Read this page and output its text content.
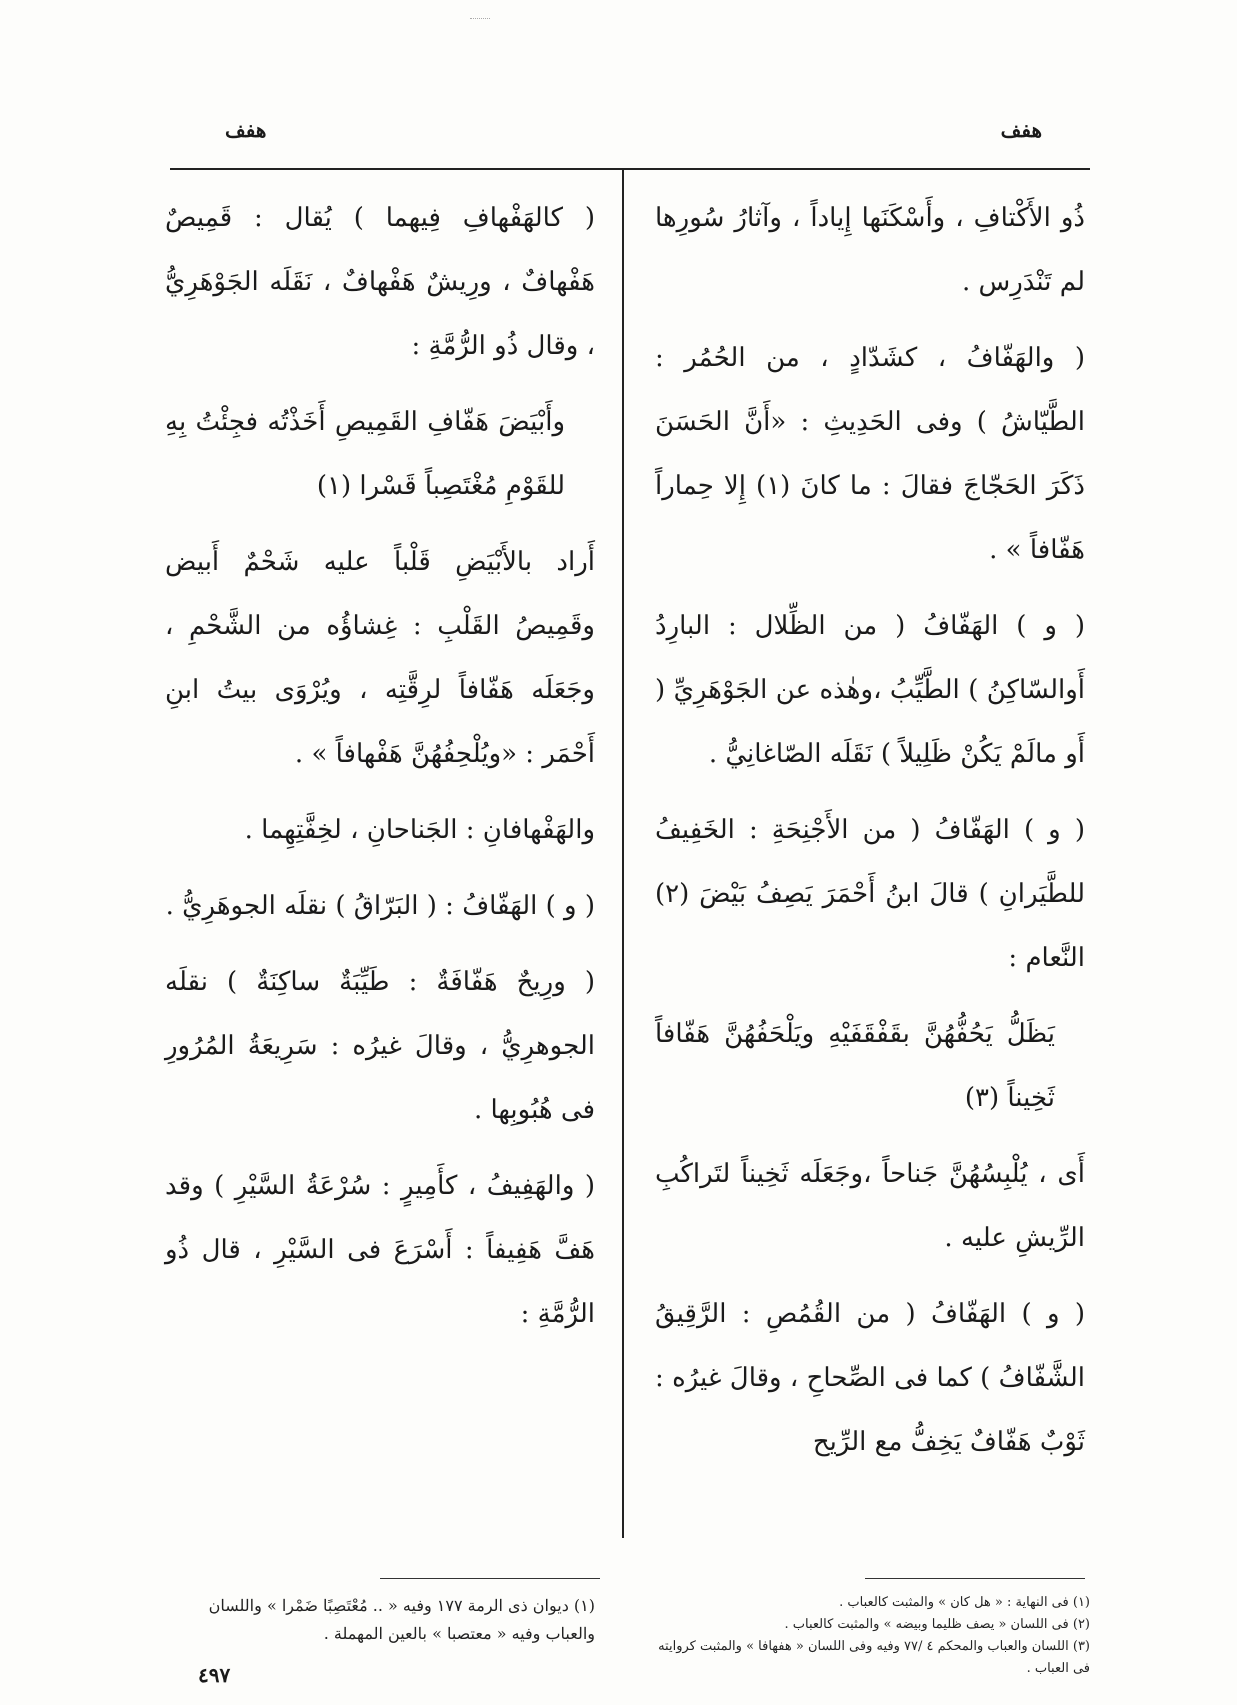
هفف
هفف

ذُو الأَكْتافِ ، وأَسْكَنَها إِياداً ، وآثارُ سُورِها لم تَنْدَرِس .

( والهَفّافُ ، كشَدّادٍ ، من الحُمُر : الطَّيّاشُ ) وفى الحَدِيثِ : «أَنَّ الحَسَنَ ذَكَرَ الحَجّاجَ فقالَ : ما كانَ (١) إِلا حِماراً هَفّافاً » .

( و ) الهَفّافُ ( من الظِّلال : البارِدُ أَوالسّاكِنُ ) الطَّيِّبُ ،وهٰذه عن الجَوْهَرِيِّ ( أَو مالَمْ يَكُنْ ظَلِيلاً ) نَقَلَه الصّاغانِيُّ .

( و ) الهَفّافُ ( من الأَجْنِحَةِ : الخَفِيفُ للطَّيَرانِ ) قالَ ابنُ أَحْمَرَ يَصِفُ بَيْضَ (٢) النَّعام :

يَظَلُّ يَحُفُّهُنَّ بقَفْقَفَيْهِ ويَلْحَفُهُنَّ هَفّافاً ثَخِيناً (٣)

أَى ، يُلْبِسُهُنَّ جَناحاً ،وجَعَلَه ثَخِيناً لتَراكُبِ الرِّيشِ عليه .

( و ) الهَفّافُ ( من القُمُصِ : الرَّقِيقُ الشَّفّافُ ) كما فى الصِّحاحِ ، وقالَ غيرُه : ثَوْبٌ هَفّافٌ يَخِفُّ مع الرِّيح

( كالهَفْهافِ فِيهما ) يُقال : قَمِيصٌ هَفْهافٌ ، ورِيشٌ هَفْهافٌ ، نَقَلَه الجَوْهَرِيُّ ، وقال ذُو الرُّمَّةِ :

وأَبْيَضَ هَفّافِ القَمِيصِ أَخَذْتُه فجِئْتُ بِهِ للقَوْمِ مُغْتَصِباً قَسْرا (١)

أَراد بالأَبْيَضِ قَلْباً عليه شَحْمٌ أَبيض وقَمِيصُ القَلْبِ : غِشاؤُه من الشَّحْمِ ، وجَعَلَه هَفّافاً لرِقَّتِه ، ويُرْوَى بيتُ ابنِ أَحْمَر : «ويُلْحِفُهُنَّ هَفْهافاً » .

والهَفْهافانِ : الجَناحانِ ، لخِفَّتِهِما .

( و ) الهَفّافُ : ( البَرّاقُ ) نقلَه الجوهَرِيُّ .

( ورِيحٌ هَفّافَةٌ : طَيِّبَةٌ ساكِنَةٌ ) نقلَه الجوهرِيُّ ، وقالَ غيرُه : سَرِيعَةُ المُرُورِ فى هُبُوبِها .

( والهَفِيفُ ، كأَمِيرٍ : سُرْعَةُ السَّيْرِ ) وقد هَفَّ هَفِيفاً : أَسْرَعَ فى السَّيْرِ ، قال ذُو الرُّمَّةِ :

(١) فى النهاية : « هل كان » والمثبت كالعباب .
(٢) فى اللسان « يصف ظليما وبيضه » والمثبت كالعباب .
(٣) اللسان والعباب والمحكم ٤ /٧٧ وفيه وفى اللسان « هفهافا » والمثبت كروايته فى العباب .
(١) ديوان ذى الرمة ١٧٧ وفيه « .. مُعْتَصِبًا ضَمْرا » واللسان والعباب وفيه « معتصبا » بالعين المهملة .
٤٩٧
